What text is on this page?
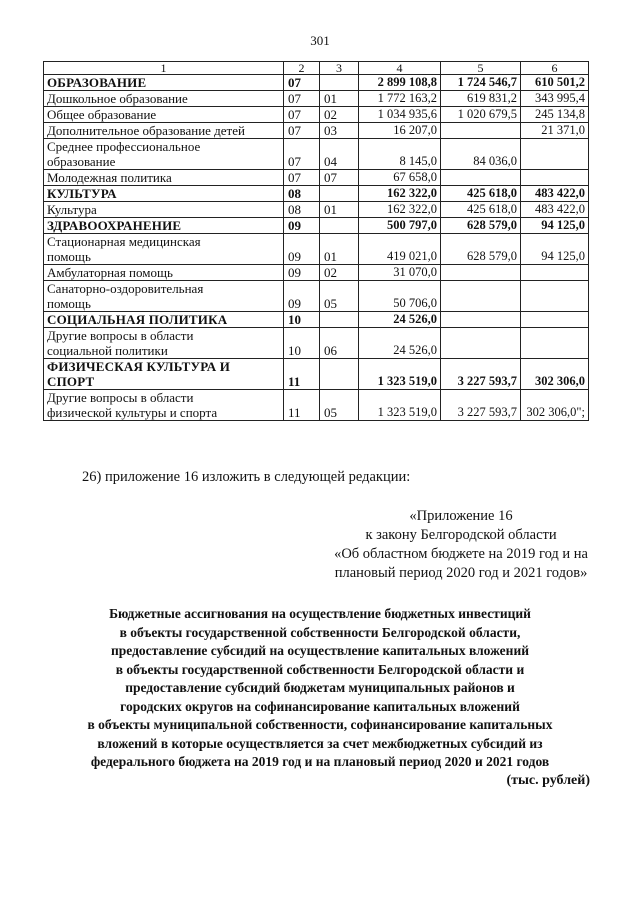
301
1	2	3	4	5	6

ОБРАЗОВАНИЕ	07		2 899 108,8	1 724 546,7	610 501,2

Дошкольное образование	07	01	1 772 163,2	619 831,2	343 995,4

Общее образование	07	02	1 034 935,6	1 020 679,5	245 134,8

Дополнительное образование детей	07	03	16 207,0		21 371,0

Среднее профессиональное
образование	07	04	8 145,0	84 036,0	

Молодежная политика	07	07	67 658,0		

КУЛЬТУРА	08		162 322,0	425 618,0	483 422,0

Культура	08	01	162 322,0	425 618,0	483 422,0

ЗДРАВООХРАНЕНИЕ	09		500 797,0	628 579,0	94 125,0

Стационарная медицинская
помощь	09	01	419 021,0	628 579,0	94 125,0

Амбулаторная помощь	09	02	31 070,0		

Санаторно-оздоровительная
помощь	09	05	50 706,0		

СОЦИАЛЬНАЯ ПОЛИТИКА	10		24 526,0		

Другие вопросы в области
социальной политики	10	06	24 526,0		

ФИЗИЧЕСКАЯ КУЛЬТУРА И
СПОРТ	11		1 323 519,0	3 227 593,7	302 306,0

Другие вопросы в области
физической культуры и спорта	11	05	1 323 519,0	3 227 593,7	302 306,0";
26) приложение 16 изложить в следующей редакции:
«Приложение 16
к закону Белгородской области
«Об областном бюджете на 2019 год и на
плановый период 2020 год и 2021 годов»
Бюджетные ассигнования на осуществление бюджетных инвестиций
в объекты государственной собственности Белгородской области,
предоставление субсидий на осуществление капитальных вложений
в объекты государственной собственности Белгородской области и
предоставление субсидий бюджетам муниципальных районов и
городских округов на софинансирование капитальных вложений
в объекты муниципальной собственности, софинансирование капитальных
вложений в которые осуществляется за счет межбюджетных субсидий из
федерального бюджета на 2019 год и на плановый период 2020 и 2021 годов
(тыс. рублей)
